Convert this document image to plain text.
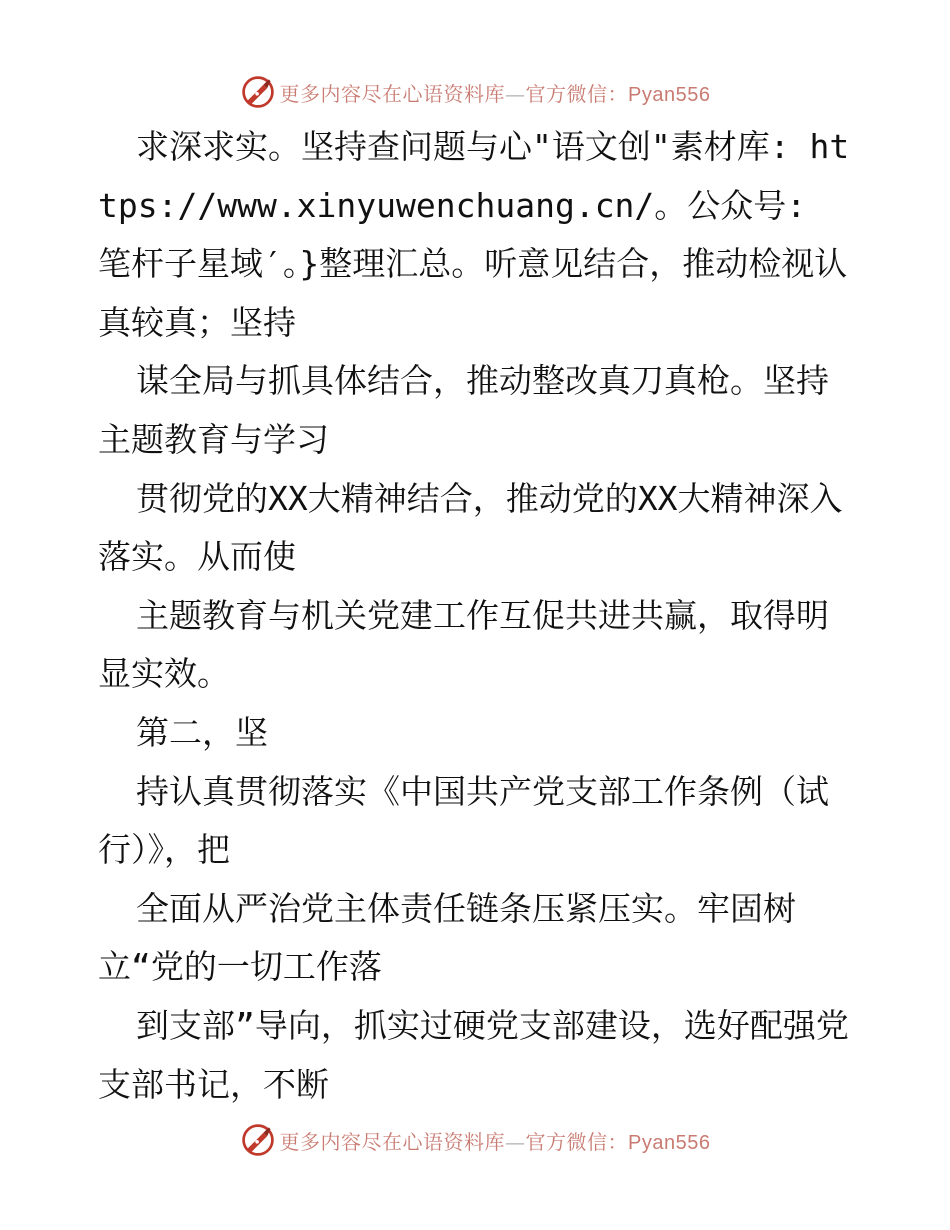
更多内容尽在心语资料库—官方微信：Pyan556

求深求实。坚持查问题与心"语文创"素材库: https://www.xinyuwenchuang.cn/。公众号: 笔杆子星域′。}整理汇总。听意见结合，推动检视认真较真；坚持

谋全局与抓具体结合，推动整改真刀真枪。坚持主题教育与学习

贯彻党的XX大精神结合，推动党的XX大精神深入落实。从而使

主题教育与机关党建工作互促共进共赢，取得明显实效。

第二，坚

持认真贯彻落实《中国共产党支部工作条例（试行）》，把

全面从严治党主体责任链条压紧压实。牢固树立“党的一切工作落

到支部”导向，抓实过硬党支部建设，选好配强党支部书记，不断

更多内容尽在心语资料库—官方微信：Pyan556
